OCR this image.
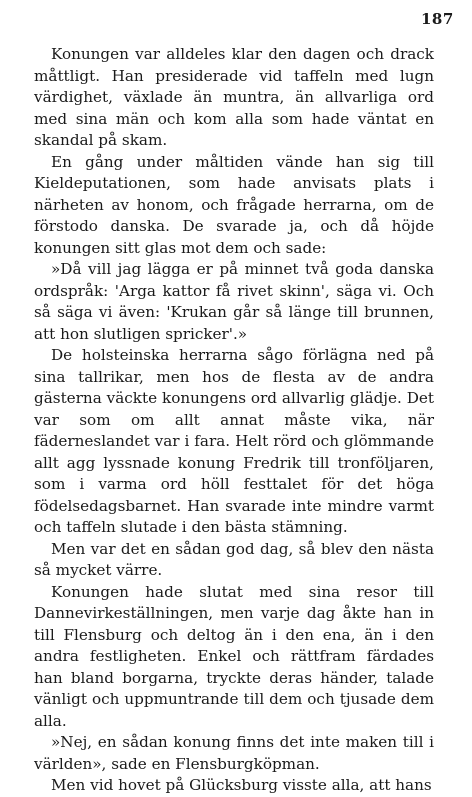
187

Konungen var alldeles klar den dagen och drack måttligt. Han presiderade vid taffeln med lugn värdighet, växlade än muntra, än allvarliga ord med sina män och kom alla som hade väntat en skandal på skam.

En gång under måltiden vände han sig till Kieldeputationen, som hade anvisats plats i närheten av honom, och frågade herrarna, om de förstodo danska. De svarade ja, och då höjde konungen sitt glas mot dem och sade:

»Då vill jag lägga er på minnet två goda danska ordspråk: 'Arga kattor få rivet skinn', säga vi. Och så säga vi även: 'Krukan går så länge till brunnen, att hon slutligen spricker'.»

De holsteinska herrarna sågo förlägna ned på sina tallrikar, men hos de flesta av de andra gästerna väckte konungens ord allvarlig glädje. Det var som om allt annat måste vika, när fäderneslandet var i fara. Helt rörd och glömmande allt agg lyssnade konung Fredrik till tronföljaren, som i varma ord höll festtalet för det höga födelsedagsbarnet. Han svarade inte mindre varmt och taffeln slutade i den bästa stämning.

Men var det en sådan god dag, så blev den nästa så mycket värre.

Konungen hade slutat med sina resor till Dannevirkeställningen, men varje dag åkte han in till Flensburg och deltog än i den ena, än i den andra festligheten. Enkel och rättfram färdades han bland borgarna, tryckte deras händer, talade vänligt och uppmuntrande till dem och tjusade dem alla.

»Nej, en sådan konung finns det inte maken till i världen», sade en Flensburgköpman.

Men vid hovet på Glücksburg visste alla, att hans
